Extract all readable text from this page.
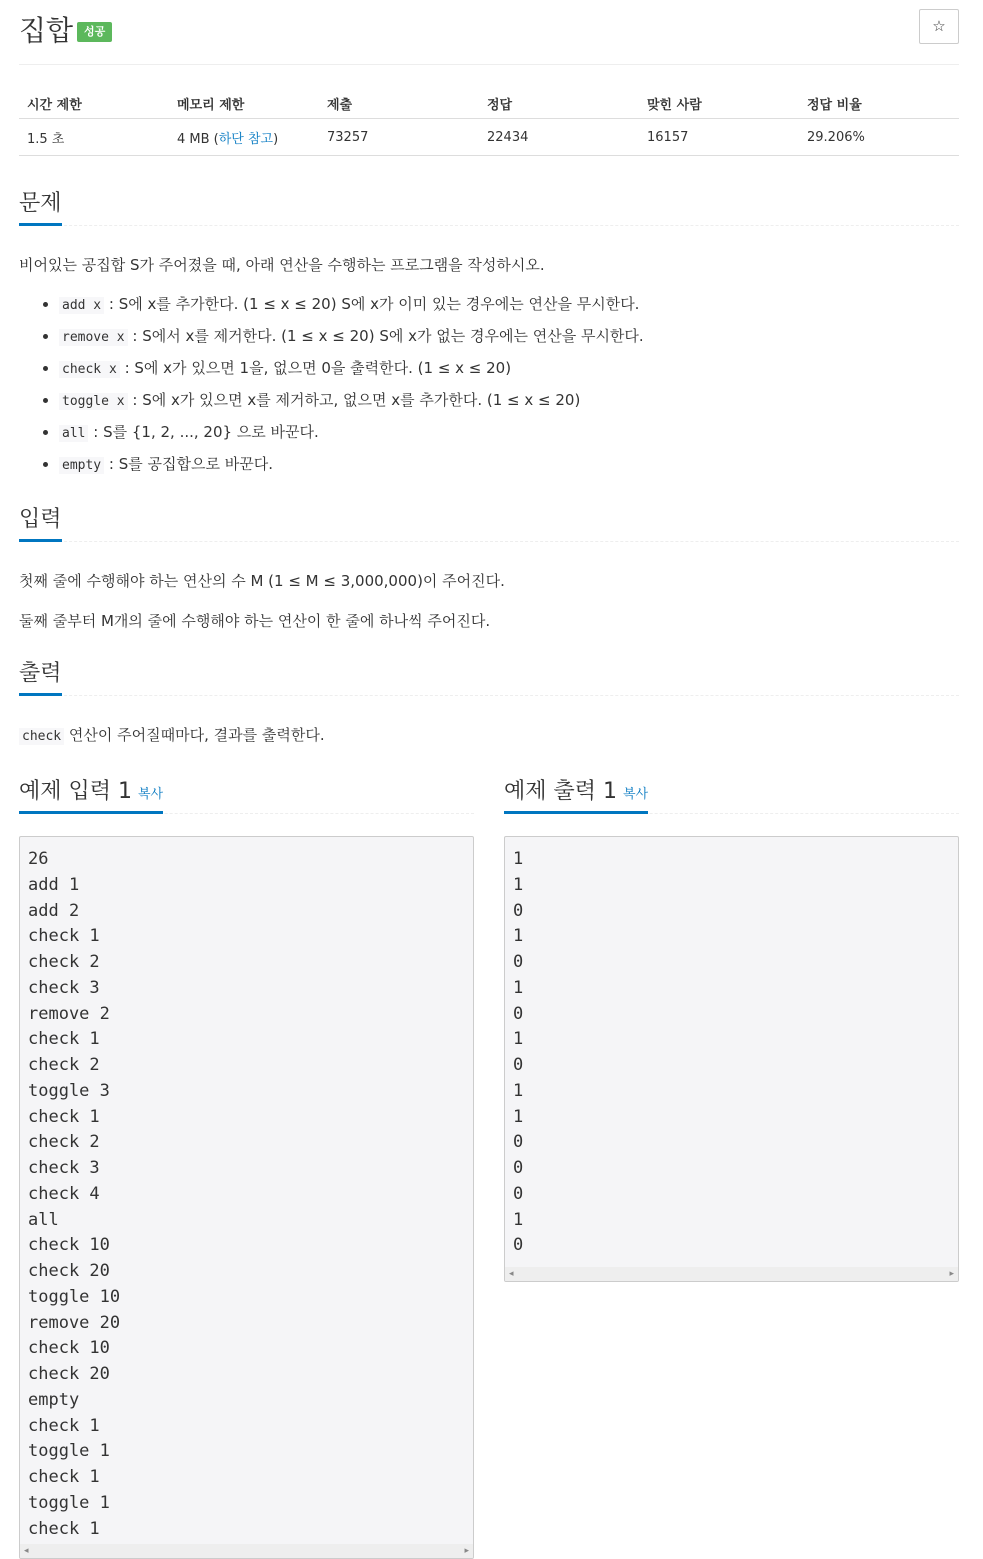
집합 성공	☆
시간 제한	메모리 제한	제출	정답	맞힌 사람	정답 비율
1.5 초	4 MB (하단 참고)	73257	22434	16157	29.206%
문제
비어있는 공집합 S가 주어졌을 때, 아래 연산을 수행하는 프로그램을 작성하시오.
• add x : S에 x를 추가한다. (1 ≤ x ≤ 20) S에 x가 이미 있는 경우에는 연산을 무시한다.
• remove x : S에서 x를 제거한다. (1 ≤ x ≤ 20) S에 x가 없는 경우에는 연산을 무시한다.
• check x : S에 x가 있으면 1을, 없으면 0을 출력한다. (1 ≤ x ≤ 20)
• toggle x : S에 x가 있으면 x를 제거하고, 없으면 x를 추가한다. (1 ≤ x ≤ 20)
• all : S를 {1, 2, ..., 20} 으로 바꾼다.
• empty : S를 공집합으로 바꾼다.
입력
첫째 줄에 수행해야 하는 연산의 수 M (1 ≤ M ≤ 3,000,000)이 주어진다.
둘째 줄부터 M개의 줄에 수행해야 하는 연산이 한 줄에 하나씩 주어진다.
출력
check 연산이 주어질때마다, 결과를 출력한다.
예제 입력 1 복사
26
add 1
add 2
check 1
check 2
check 3
remove 2
check 1
check 2
toggle 3
check 1
check 2
check 3
check 4
all
check 10
check 20
toggle 10
remove 20
check 10
check 20
empty
check 1
toggle 1
check 1
toggle 1
check 1
◂	▸
예제 출력 1 복사
1
1
0
1
0
1
0
1
0
1
1
0
0
0
1
0
◂	▸
